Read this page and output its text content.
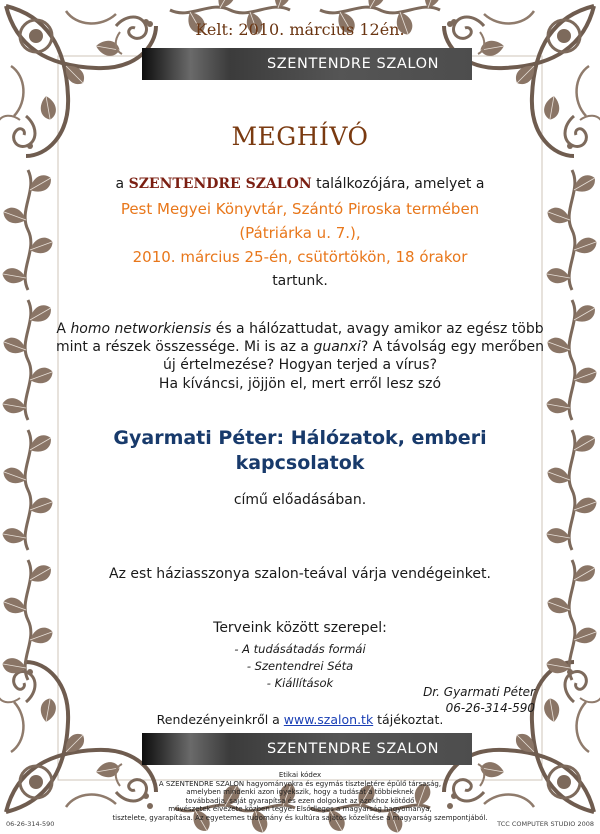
Kelt: 2010. március 12én.
SZENTENDRE SZALON
MEGHÍVÓ
a SZENTENDRE SZALON találkozójára, amelyet a
Pest Megyei Könyvtár, Szántó Piroska termében
(Pátriárka u. 7.),
2010. március 25-én, csütörtökön, 18 órakor
tartunk.
A homo networkiensis és a hálózattudat, avagy amikor az egész több
mint a részek összessége. Mi is az a guanxi? A távolság egy merőben
új értelmezése? Hogyan terjed a vírus?
Ha kíváncsi, jöjjön el, mert erről lesz szó
Gyarmati Péter: Hálózatok, emberi
kapcsolatok
című előadásában.
Az est háziasszonya szalon-teával várja vendégeinket.
Terveink között szerepel:
- A tudásátadás formái
- Szentendrei Séta
- Kiállítások
Dr. Gyarmati Péter
06-26-314-590
Rendezényeinkről a www.szalon.tk tájékoztat.
SZENTENDRE SZALON
Etikai kódex
A SZENTENDRE SZALON hagyományokra és egymás tiszteletére épülő társaság,
amelyben mindenki azon igyekszik, hogy a tudását a többieknek
továbbadja, saját gyarapítsa és ezen dolgokat az azokhoz kötődő
művészetek élvezete közben tegye. Elsődleges a magyarság hagyománya,
tisztelete, gyarapítása. Az egyetemes tudomány és kultúra sajátos közelítése a magyarság szempontjából.
06-26-314-590	TCC COMPUTER STUDIO 2008
